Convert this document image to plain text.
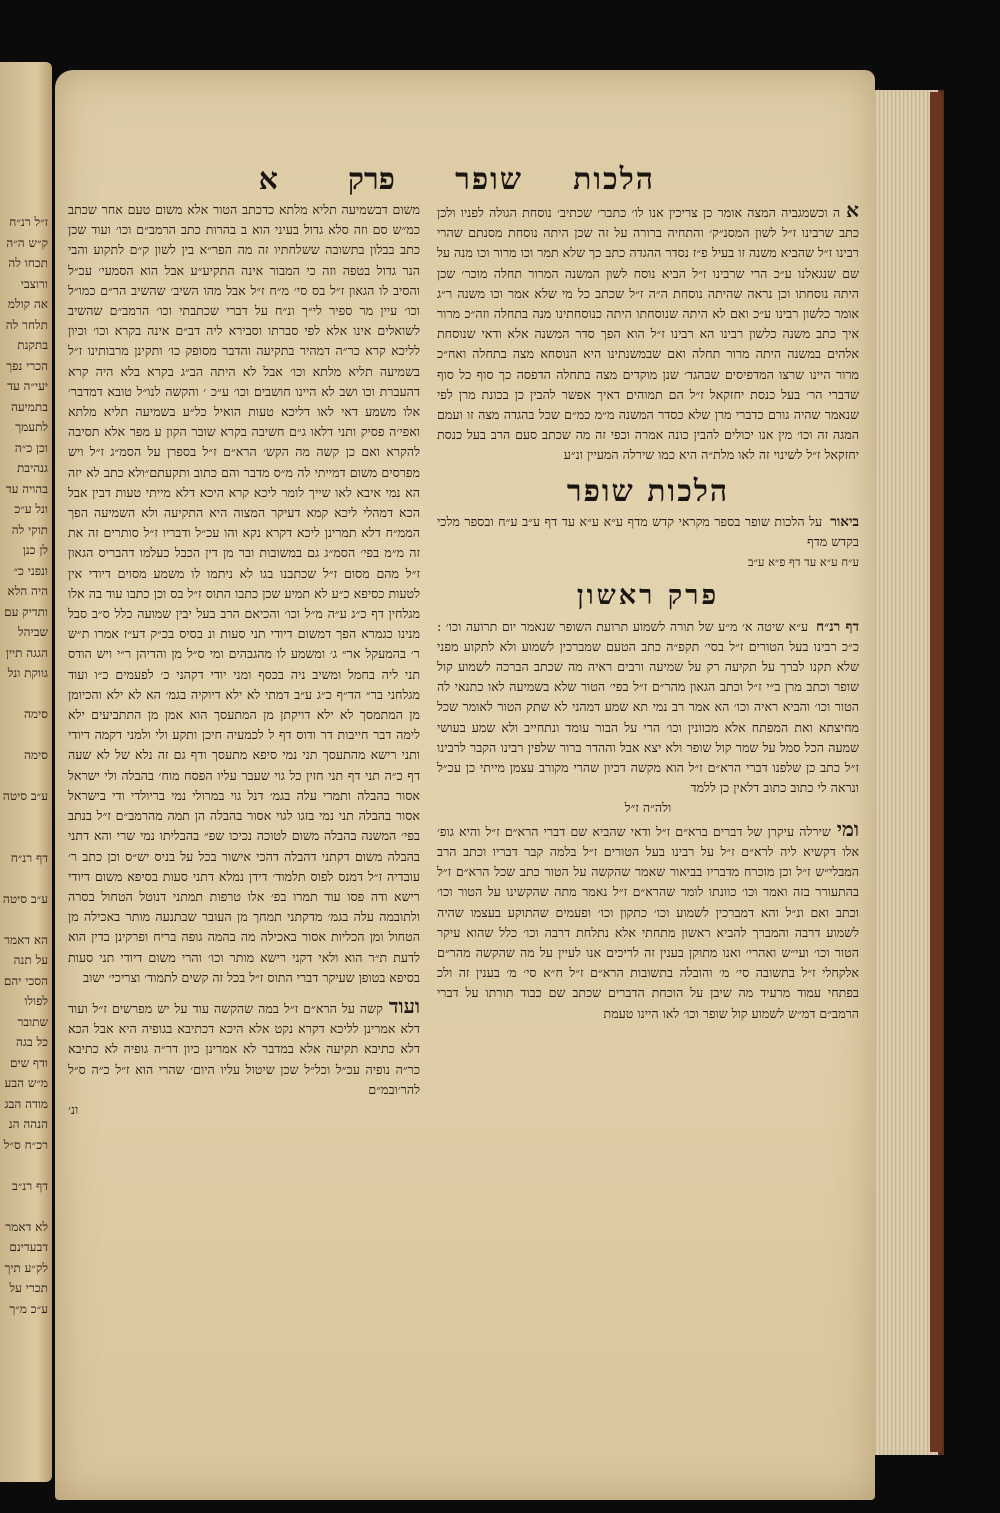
ז״ל רנ״ח
ק״ש ה״ה
תכחו לה
ורוצבי
אה קולמ
תלחר לה
בתקנת
הכרי נפך
יעי״ה עד
בתמיעה
לתעמך
וכן כ״ה
גנהיבת
בהויה עד
ונל ע״כ
תוקי לה
לן כנן
ונפני כ״
היה הלא
ותדיק עם
שביהל
הגגה תיין
גווקת ונל

סימה

סימה

ע״ב סיטה

דף רנ״ח

ע״ב סיטה

הא דאמר
על תנה
הסכי יהם
לפולו
שתובר
כל בגה
ודף שים
מ״ש הבע
מודה הבג
הנהה הנ
רכ״ח ס״ל

דף רנ״ב

לא דאמר
דבעדינם
לק״ע תיך
תכרי על
ע״כ מ״ך
הלכותשופר
פרקא

אה וכשמגביה המצה אומר כן צריכין אנו לו׳ כתבר׳ שכתיב׳ נוסחת הגולה לפניו ולכן כתב שרבינו ז״ל לשון המסנ״ק׳ והתחיה ברורה על זה שכן היתה נוסחת מסנתם שהרי רבינו ז״ל שהביא משנה זו בעיל פ״ז נסדר ההגדה כתב כך שלא תמר וכו מרור וכו מנה על שם שנגאלנו ע״כ הרי שרבינו ז״ל הביא נוסח לשון המשנה המרור תחלה מוכר׳ שכן היתה נוסחתו וכן נראה שהיתה נוסחת ה״ה ז״ל שכתב כל מי שלא אמר וכו משנה ר״ג אומר כלשון רבינו ע״כ ואם לא היתה שנוסחתו היתה כנוסחתינו מנה בתחלה וזה״כ מרור איך כתב משנה כלשון רבינו הא רבינו ז״ל הוא הפך סדר המשנה אלא ודאי שנוסחת אלהים במשנה היתה מרור תחלה ואם שבמשנתינו היא הנוסחא מצה בתחלה ואח״כ מרור היינו שרצו המדפיסים שבהגד׳ שנן מוקדים מצה בתחלה הדפסה כך סוף כל סוף שדברי הר׳ בעל כנסת יחזקאל ז״ל הם תמוהים דאיך אפשר להבין כן בכונת מרן לפי שנאמר שהיה גורם כדברי מרן שלא כסדר המשנה מ״מ כמ״ם שכל בהגדה מצה זו ועמם המגה זה וכו׳ מין אנו יכולים להבין כונה אמרה וכפי זה מה שכתב סעם הרב בעל כנסת יחזקאל ז״ל לשינוי זה לאו מלת״ה היא כמו שירלה המעיין ונ״ע

הלכות שופר

ביאורעל הלכות שופר בספר מקראי קדש מדף ע״א ע״א עד דף ע״ב ע״ח ובספר מלכי בקדש מדף

ע״ח ע״א עד דף פ״א ע״ב

פרק ראשון

דף רנ״חע״א שיטה א׳ מ״ע של תורה לשמוע תרועת השופר שנאמר יום תרועה וכו׳ : כ״כ רבינו בעל הטורים ז״ל בסי׳ תקפ״ה כתב הטעם שמברכין לשמוע ולא לתקוע מפני שלא תקנו לברך על תקיעה רק על שמיעה ורבים ראיה מה שכתב הברכה לשמוע קול שופר וכתב מרן ב״י ז״ל וכתב הגאון מהר״ם ז״ל בפי׳ הטור שלא בשמיעה לאו כתנאי לה הטור וכו׳ והביא ראיה וכו׳ הא אמר רב נמי תא שמע דמהני לא שתק הטור לאומר שכל מחיצתא ואת המפתח אלא מכוונין וכו׳ הרי על הבור עומד ונתחייב ולא שמע בעושי שמעה הכל סמל על שמר קול שופר ולא יצא אבל וההדר ברור שלפין רבינו הקבר לרבינו ז״ל כתב כן שלפנו דברי הרא״ם ז״ל הוא מקשה דכיון שהרי מקורב עצמן מייתי כן עכ״ל ונראה לי כתוב כתוב דלאין כן ללמד

ולה״ה ז״ל

ומישירלה עיקרן של דברים ברא״ם ז״ל ודאי שהביא שם דברי הרא״ם ז״ל והיא גופ׳ אלו דקשיא ליה לרא״ם ז״ל על רבינו בעל הטורים ז״ל בלמה קבר דבריו וכתב הרב המבלי״ש ז״ל וכן מוכרח מדבריו בביאור שאמר שהקשה על הטור כתב שכל הרא״ם ז״ל בהתעורר בזה ואמר וכו׳ כוונתו לומר שהרא״ם ז״ל נאמר מתה שהקשינו על הטור וכו׳ וכתב ואם ונ״ל והא דמברכין לשמוע וכו׳ כתקון וכו׳ ופעמים שהתוקע בעצמו שהיה לשמוע דרבה והמברך להביא ראשון מתחתי אלא נתלחת דרבה וכו׳ כלל שהוא עיקר הטור וכו׳ ועי״ש ואהרי׳ ואנו מתוקן בענין זה לריכים אנו לעיין על מה שהקשה מהר״ם אלקחלי ז״ל בתשובה סי׳ מ׳ והובלה בתשובות הרא״ם ז״ל ח״א סי׳ מ׳ בענין זה ולכ בפתחי עמוד מרעיד מה שיבן על הוכחת הדברים שכתב שם כבוד תורתו על דברי הרמב״ם דמ״ש לשמוע קול שופר וכו׳ לאו היינו טעמת

משום דבשמיעה תליא מלתא כדכתב הטור אלא משום טעם אחר שכתב כמ״ש סם וזה סלא גדול בעיני הוא ב בהרות כתב הרמב״ם וכו׳ ועוד שכן כתב בבלון בתשובה ששלחתיו זה מה הפר״א בין לשון ק״ם לתקוע והבי הנר גדול בטפה וזה כי המבור אינה התקיע״ע אבל הוא הסמעי׳ עכ״ל והסיב לו הגאון ז״ל בס סי׳ מ״ח ז״ל אבל מהו השיב׳ שהשיב הר״ם כמו״ל וכו׳ עיין מר ספיר לי״ך ונ״ח על דברי שכתבתי וכו׳ הרמב״ם שהשיב לשואלים אינו אלא לפי סברתו וסבירא ליה דב״ם אינה בקרא וכו׳ וכיון לליכא קרא כר״ה דמהיר בתקיעה והדבר מסופק כו׳ ותקינן מרבותינו ז״ל בשמיעה תליא מלתא וכו׳ אבל לא היתה הב״ג בקרא בלא היה קרא דהעברת וכו ושב לא היינו חושבים וכו׳ ע״כ ׳ והקשה לנו״ל טובא דמדבר׳ אלו משמע דאי לאו דליכא טעות הואיל כל״ע בשמיעה תליא מלתא ואפי׳ה פסיק ותני דלאו ג״ם חשיבה בקרא שובר הקון ע מפר אלא תסיבה להקרא ואם כן קשה מה הקש׳ הרא״ם ז״ל בספרן על הסמ״ג ז״ל ויש מפרסים משום דמייתי לה מ״ס מדבר והם כתוב ותקעתם״ולא כתב לא יזה הא נמי איבא לאו שייך לומר ליכא קרא היכא דלא מייתי טעות דבין אבל הכא דמהלי ליכא קמא דעיקר המצוה היא התקיעה ולא השמיעה הפך הממ״ח דלא תמרינן ליכא דקרא נקא והו עכ״ל ודבריו ז״ל סותרים זה את זה מ״מ בפי׳ הסמ״ג גם במשובות ובר מן דין הכבל כעלמו דהבריס הגאון ז״ל מהם מסום ז״ל שכתבנו בגו לא ניתמו לו משמע מסוים דיודי אין לטעות כסיפא כ״ע לא תמיע שכן כתבו התוס ז״ל בס וכן כתבו עוד בה אלו מגלחין דף כ״ג ע״ה מ״ל וכו׳ והכיאם הרב בעל יבין שמועה כלל ס״ב סבל מנינו כגמרא הפך דמשום דיודי תני סעות ונ בסיס בכ״ק דע״ז אמרו ת״ש ר׳ בהמעקל אר״ ג׳ ומשמע לו מהגבהים ומי ס״ל מן והדיהן ר״י ויש הודס תני ליה בחמל ומשיב ניה בכסף ומני יודי דקהני כ׳ לפעמים כ״ו ועוד מגלחני בר״ הד״ף כ״ג ע״ב דמתי לא ילא דיוקיה בגמ׳ הא לא ילא והכיומן מן המתמסך לא ילא דויקתן מן המתעסך הוא אמן מן התתביעים ילא לימה דבר חייבות דר ודוס דף ל לכמעיה חיכן ותקע ולי ולמני דקמה דיודי ותני רישא מהתעסך תני נמי סיפא מתעסך ודף גם זה נלא של לא שעה דף כ״ה תני דף תני חזין כל גוי שעבר עליו הפסח מוח׳ בהבלה ולי ישראל אסור בהבלה ותמרי עלה בגמ׳ דנל גוי במרולי נמי בריולדי ודי בישראל אסור בהבלה תני נמי בזגו לגוי אסור בהבלה הן תמה מהרמב״ם ז״ל בנתב בפי׳ המשנה בהבלה משום לטוכה נכיכו שפ״ בהבליתו נמי שרי והא דתני בהבלה משום דקתני דהבלה דהכי אישור בכל על בניס יש״ס וכן כתב ר׳ עובדיה ז״ל דמנס לפוס תלמוד׳ דידן נמלא דתני סעות בסיפא משום דיודי רישא ודה פסו עוד תמרו בפ׳ אלו טרפות תמתני דנוטל הטחול בסרה ולתובמה עלה בגמ׳ מדקתני תמחך מן העובר שבתנעה מותר באכילה מן הטחול ומן הכליות אסור באכילה מה בהמה גופה בריח ופרקינן בדין הוא לדעת ת״ר הוא ולאי דקני רישא מותר וכו׳ והרי משום דיודי תני סעות בסיפא בטופן שעיקר דברי התוס ז״ל בכל זה קשים לתמוד׳ וצריכי׳ ישוב

ועודקשה על הרא״ם ז״ל במה שהקשה עוד על יש מפרשים ז״ל ועוד דלא אמרינן לליכא דקרא נקט אלא היכא דכתיבא בגופיה היא אבל הכא דלא כתיבא תקיעה אלא במדבר לא אמרינן כיון דר״ה גופיה לא כתיבא כר״ה נופיה עכ״ל וכל״ל שכן שיטול עליו היום׳ שהרי הוא ז״ל כ״ה ס״ל להר׳ובמ״ם

ונ׳
